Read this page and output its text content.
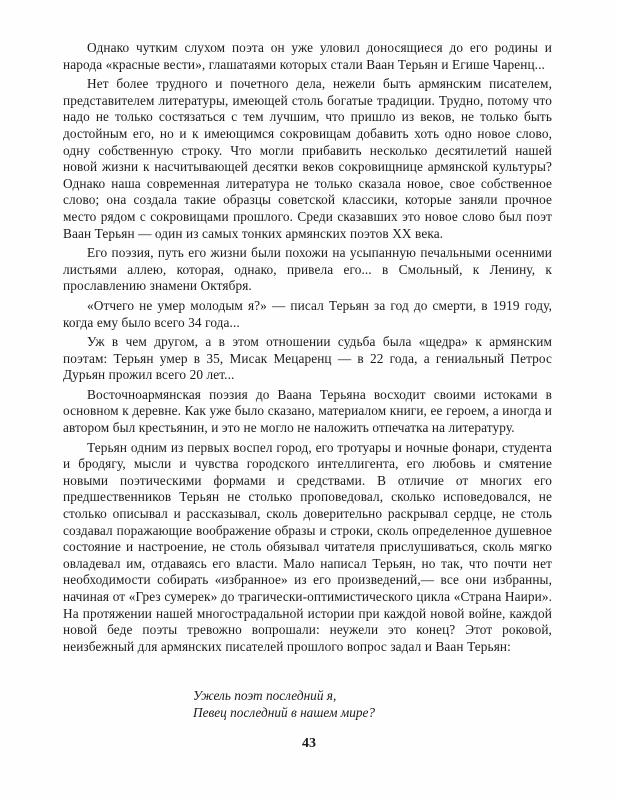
Однако чутким слухом поэта он уже уловил доносящиеся до его родины и народа «красные вести», глашатаями которых стали Ваан Терьян и Егише Чаренц...

Нет более трудного и почетного дела, нежели быть армянским писателем, представителем литературы, имеющей столь богатые традиции. Трудно, потому что надо не только состязаться с тем лучшим, что пришло из веков, не только быть достойным его, но и к имеющимся сокровищам добавить хоть одно новое слово, одну собственную строку. Что могли прибавить несколько десятилетий нашей новой жизни к насчитывающей десятки веков сокровищнице армянской культуры? Однако наша современная литература не только сказала новое, свое собственное слово; она создала такие образцы советской классики, которые заняли прочное место рядом с сокровищами прошлого. Среди сказавших это новое слово был поэт Ваан Терьян — один из самых тонких армянских поэтов XX века.

Его поэзия, путь его жизни были похожи на усыпанную печальными осенними листьями аллею, которая, однако, привела его... в Смольный, к Ленину, к прославлению знамени Октября.

«Отчего не умер молодым я?» — писал Терьян за год до смерти, в 1919 году, когда ему было всего 34 года...

Уж в чем другом, а в этом отношении судьба была «щедра» к армянским поэтам: Терьян умер в 35, Мисак Мецаренц — в 22 года, а гениальный Петрос Дурьян прожил всего 20 лет...

Восточноармянская поэзия до Ваана Терьяна восходит своими истоками в основном к деревне. Как уже было сказано, материалом книги, ее героем, а иногда и автором был крестьянин, и это не могло не наложить отпечатка на литературу.

Терьян одним из первых воспел город, его тротуары и ночные фонари, студента и бродягу, мысли и чувства городского интеллигента, его любовь и смятение новыми поэтическими формами и средствами. В отличие от многих его предшественников Терьян не столько проповедовал, сколько исповедовался, не столько описывал и рассказывал, сколь доверительно раскрывал сердце, не столь создавал поражающие воображение образы и строки, сколь определенное душевное состояние и настроение, не столь обязывал читателя прислушиваться, сколь мягко овладевал им, отдаваясь его власти. Мало написал Терьян, но так, что почти нет необходимости собирать «избранное» из его произведений,— все они избранны, начиная от «Грез сумерек» до трагически-оптимистического цикла «Страна Наири». На протяжении нашей многострадальной истории при каждой новой войне, каждой новой беде поэты тревожно вопрошали: неужели это конец? Этот роковой, неизбежный для армянских писателей прошлого вопрос задал и Ваан Терьян:

Ужель поэт последний я,
Певец последний в нашем мире?
43
